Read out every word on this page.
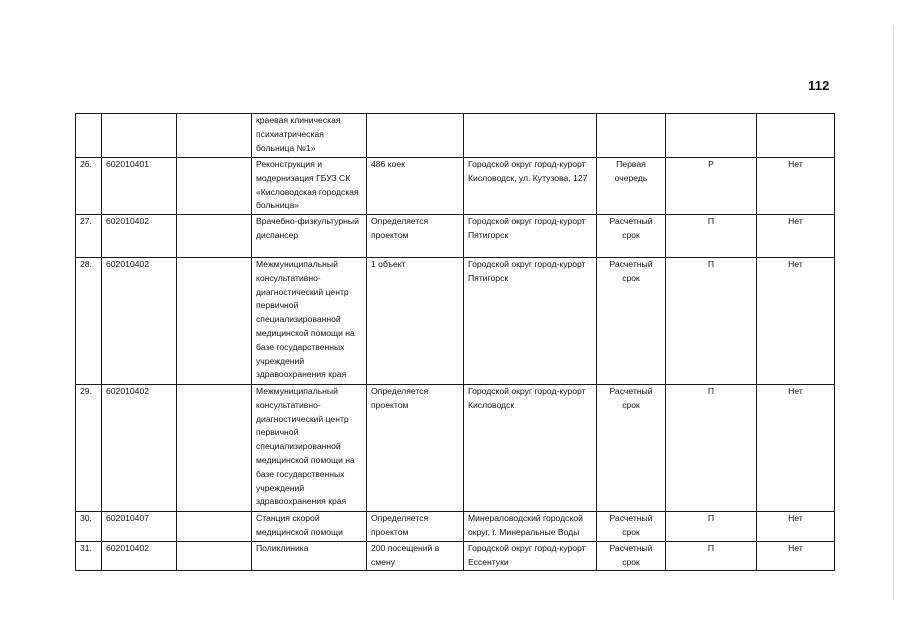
112
			краевая клиническая психиатрическая больница №1»					
26.	602010401		Реконструкция и модернизация ГБУЗ СК «Кисловодская городская больница»	486 коек	Городской округ город-курорт Кисловодск, ул. Кутузова, 127	Первая очередь	Р	Нет
27.	602010402		Врачебно-физкультурный диспансер	Определяется проектом	Городской округ город-курорт Пятигорск	Расчетный срок	П	Нет
28.	602010402		Межмуниципальный консультативно-диагностический центр первичной специализированной медицинской помощи на базе государственных учреждений здравоохранения края	1 объект	Городской округ город-курорт Пятигорск	Расчетный срок	П	Нет
29.	602010402		Межмуниципальный консультативно-диагностический центр первичной специализированной медицинской помощи на базе государственных учреждений здравоохранения края	Определяется проектом	Городской округ город-курорт Кисловодск	Расчетный срок	П	Нет
30.	602010407		Станция скорой медицинской помощи	Определяется проектом	Минераловодский городской округ, г. Минеральные Воды	Расчетный срок	П	Нет
31.	602010402		Поликлиника	200 посещений в смену	Городской округ город-курорт Ессентуки	Расчетный срок	П	Нет
